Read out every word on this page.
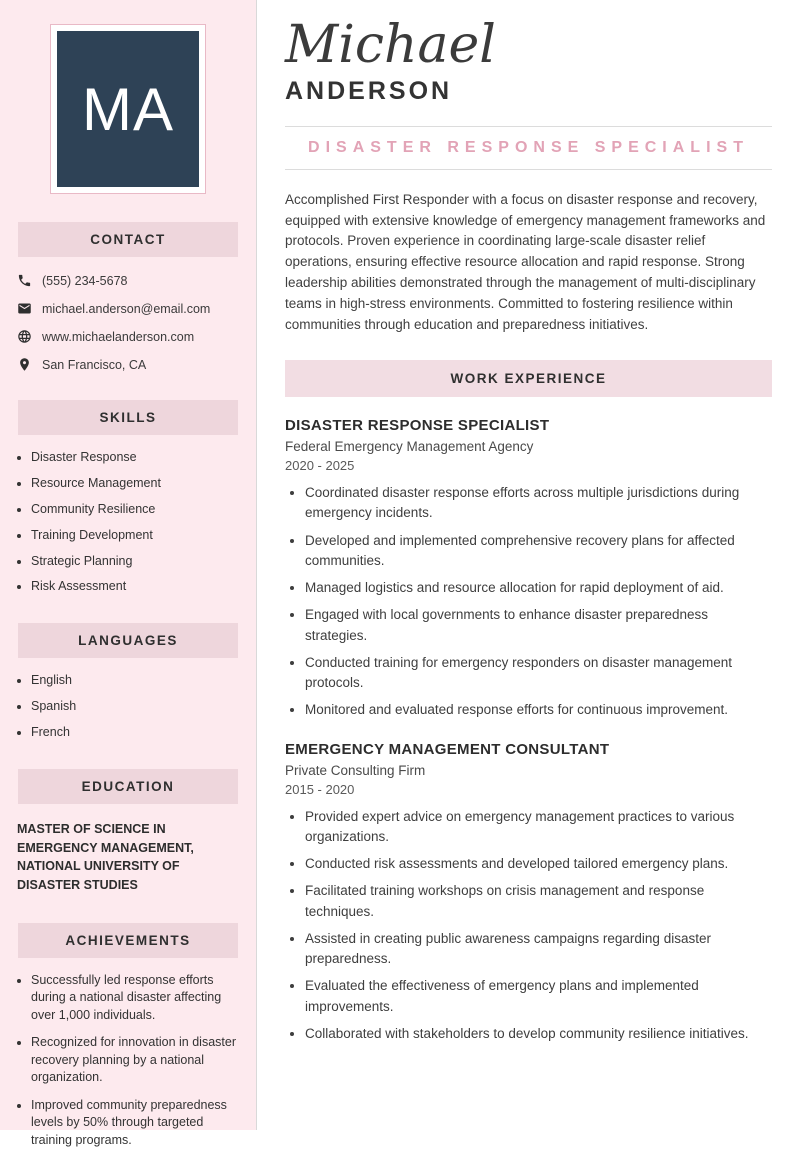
MA
CONTACT
(555) 234-5678
michael.anderson@email.com
www.michaelanderson.com
San Francisco, CA
SKILLS
• Disaster Response
• Resource Management
• Community Resilience
• Training Development
• Strategic Planning
• Risk Assessment
LANGUAGES
• English
• Spanish
• French
EDUCATION
MASTER OF SCIENCE IN EMERGENCY MANAGEMENT, NATIONAL UNIVERSITY OF DISASTER STUDIES
ACHIEVEMENTS
• Successfully led response efforts during a national disaster affecting over 1,000 individuals.
• Recognized for innovation in disaster recovery planning by a national organization.
• Improved community preparedness levels by 50% through targeted training programs.
Michael
ANDERSON
DISASTER RESPONSE SPECIALIST

Accomplished First Responder with a focus on disaster response and recovery, equipped with extensive knowledge of emergency management frameworks and protocols. Proven experience in coordinating large-scale disaster relief operations, ensuring effective resource allocation and rapid response. Strong leadership abilities demonstrated through the management of multi-disciplinary teams in high-stress environments. Committed to fostering resilience within communities through education and preparedness initiatives.

WORK EXPERIENCE
DISASTER RESPONSE SPECIALIST
Federal Emergency Management Agency
2020 - 2025
• Coordinated disaster response efforts across multiple jurisdictions during emergency incidents.
• Developed and implemented comprehensive recovery plans for affected communities.
• Managed logistics and resource allocation for rapid deployment of aid.
• Engaged with local governments to enhance disaster preparedness strategies.
• Conducted training for emergency responders on disaster management protocols.
• Monitored and evaluated response efforts for continuous improvement.
EMERGENCY MANAGEMENT CONSULTANT
Private Consulting Firm
2015 - 2020
• Provided expert advice on emergency management practices to various organizations.
• Conducted risk assessments and developed tailored emergency plans.
• Facilitated training workshops on crisis management and response techniques.
• Assisted in creating public awareness campaigns regarding disaster preparedness.
• Evaluated the effectiveness of emergency plans and implemented improvements.
• Collaborated with stakeholders to develop community resilience initiatives.
